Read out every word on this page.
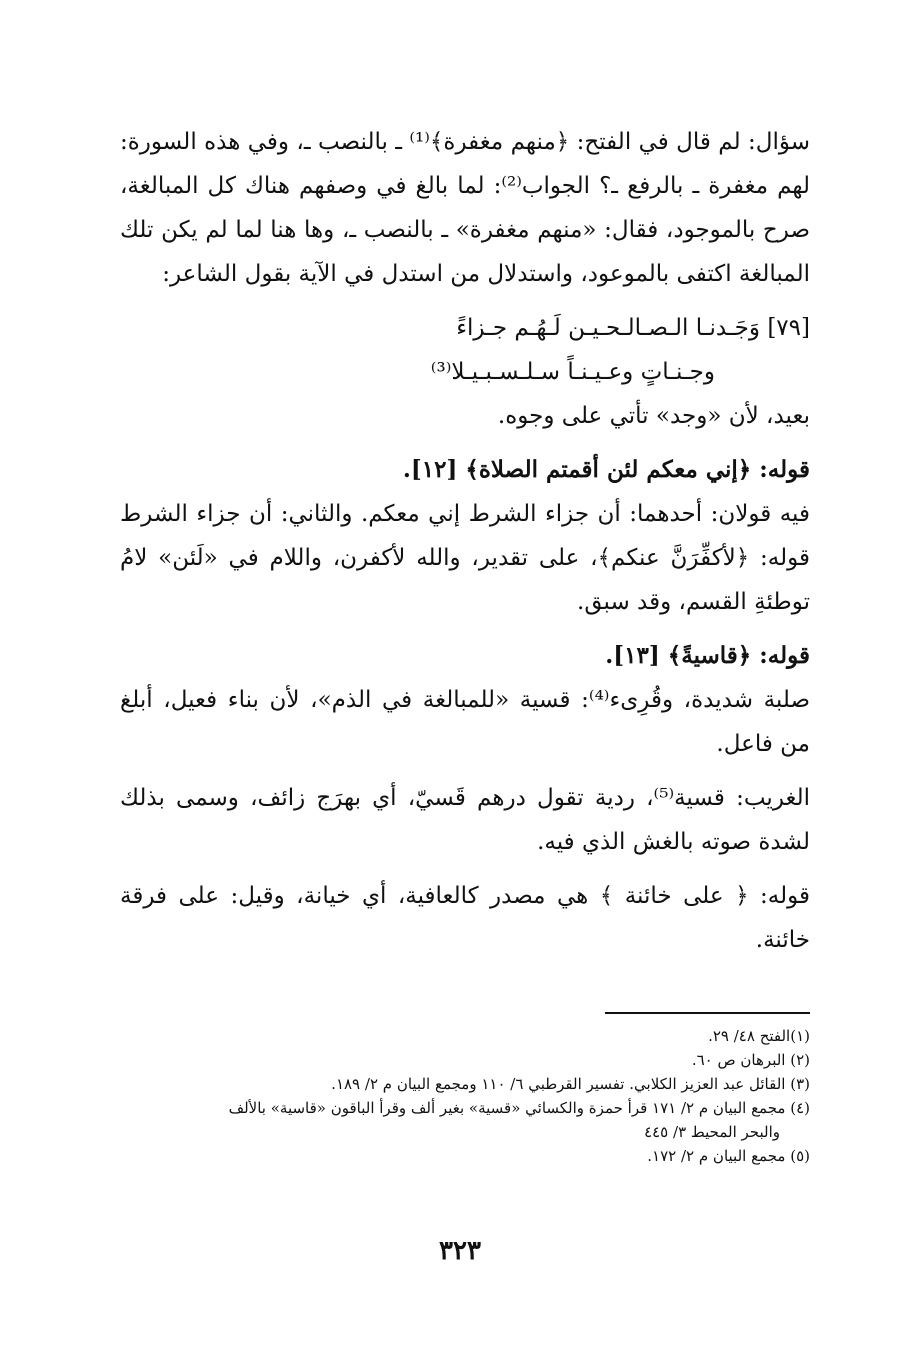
سؤال: لم قال في الفتح: ﴿منهم مغفرة﴾⁽¹⁾ ـ بالنصب ـ، وفي هذه السورة: لهم مغفرة ـ بالرفع ـ؟ الجواب⁽²⁾: لما بالغ في وصفهم هناك كل المبالغة، صرح بالموجود، فقال: «منهم مغفرة» ـ بالنصب ـ، وها هنا لما لم يكن تلك المبالغة اكتفى بالموعود، واستدلال من استدل في الآية بقول الشاعر:

[٧٩] وَجَـدنـا الـصـالـحـيـن لَـهُـم جـزاءً
وجـنـاتٍ وعـيـنـاً سـلـسـبـيـلا⁽³⁾

بعيد، لأن «وجد» تأتي على وجوه.

قوله: ﴿إني معكم لئن أقمتم الصلاة﴾ [١٢].

فيه قولان: أحدهما: أن جزاء الشرط إني معكم. والثاني: أن جزاء الشرط قوله: ﴿لأكفِّرَنَّ عنكم﴾، على تقدير، والله لأكفرن، واللام في «لَئن» لامُ توطئةِ القسم، وقد سبق.

قوله: ﴿قاسيةً﴾ [١٣].

صلبة شديدة، وقُرِىء⁽⁴⁾: قسية «للمبالغة في الذم»، لأن بناء فعيل، أبلغ من فاعل.

الغريب: قسية⁽⁵⁾، ردية تقول درهم قَسيّ، أي بهرَج زائف، وسمى بذلك لشدة صوته بالغش الذي فيه.

قوله: ﴿ على خائنة ﴾ هي مصدر كالعافية، أي خيانة، وقيل: على فرقة خائنة.

(١)الفتح ٤٨/ ٢٩.
(٢) البرهان ص ٦٠.
(٣) القائل عبد العزيز الكلابي. تفسير القرطبي ٦/ ١١٠ ومجمع البيان م ٢/ ١٨٩.
(٤) مجمع البيان م ٢/ ١٧١ قرأ حمزة والكسائي «قسية» بغير ألف وقرأ الباقون «قاسية» بالألف
والبحر المحيط ٣/ ٤٤٥
(٥) مجمع البيان م ٢/ ١٧٢.
٣٢٣
